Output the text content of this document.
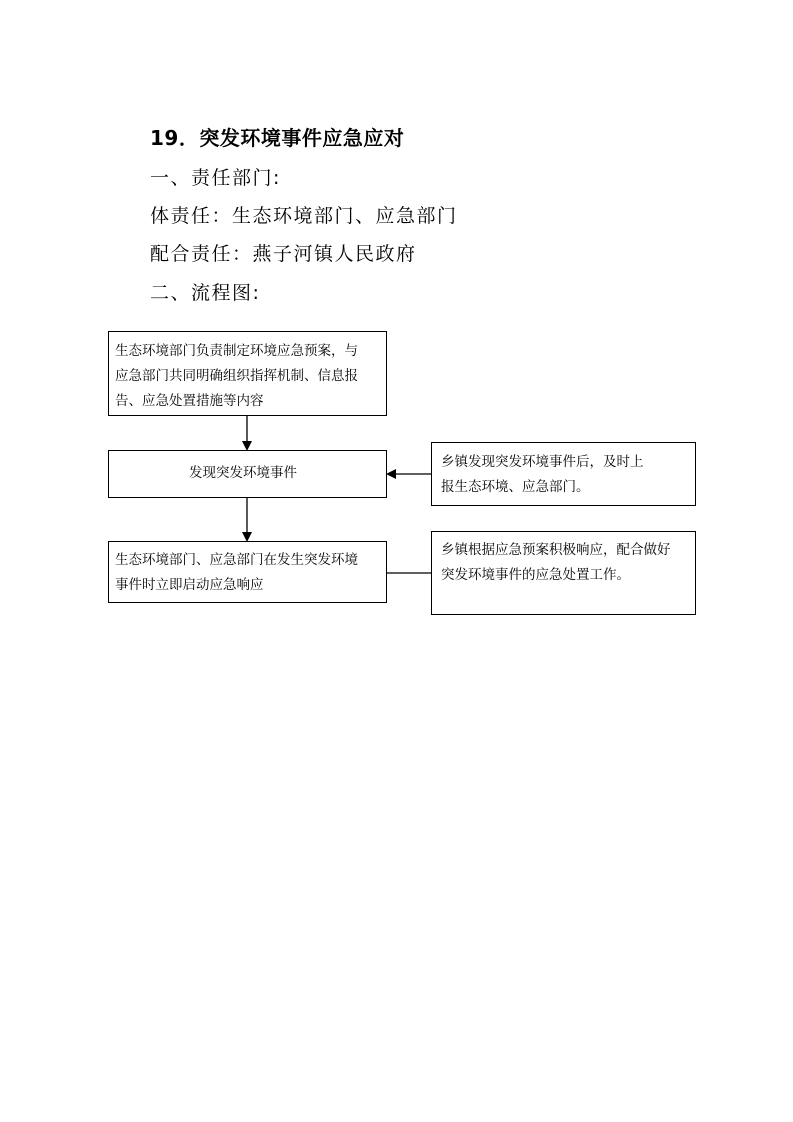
19．突发环境事件应急应对
一、责任部门:
体责任：生态环境部门、应急部门
配合责任：燕子河镇人民政府
二、流程图:
生态环境部门负责制定环境应急预案，与
应急部门共同明确组织指挥机制、信息报
告、应急处置措施等内容
发现突发环境事件
生态环境部门、应急部门在发生突发环境
事件时立即启动应急响应
乡镇发现突发环境事件后，及时上
报生态环境、应急部门。
乡镇根据应急预案积极响应，配合做好
突发环境事件的应急处置工作。
